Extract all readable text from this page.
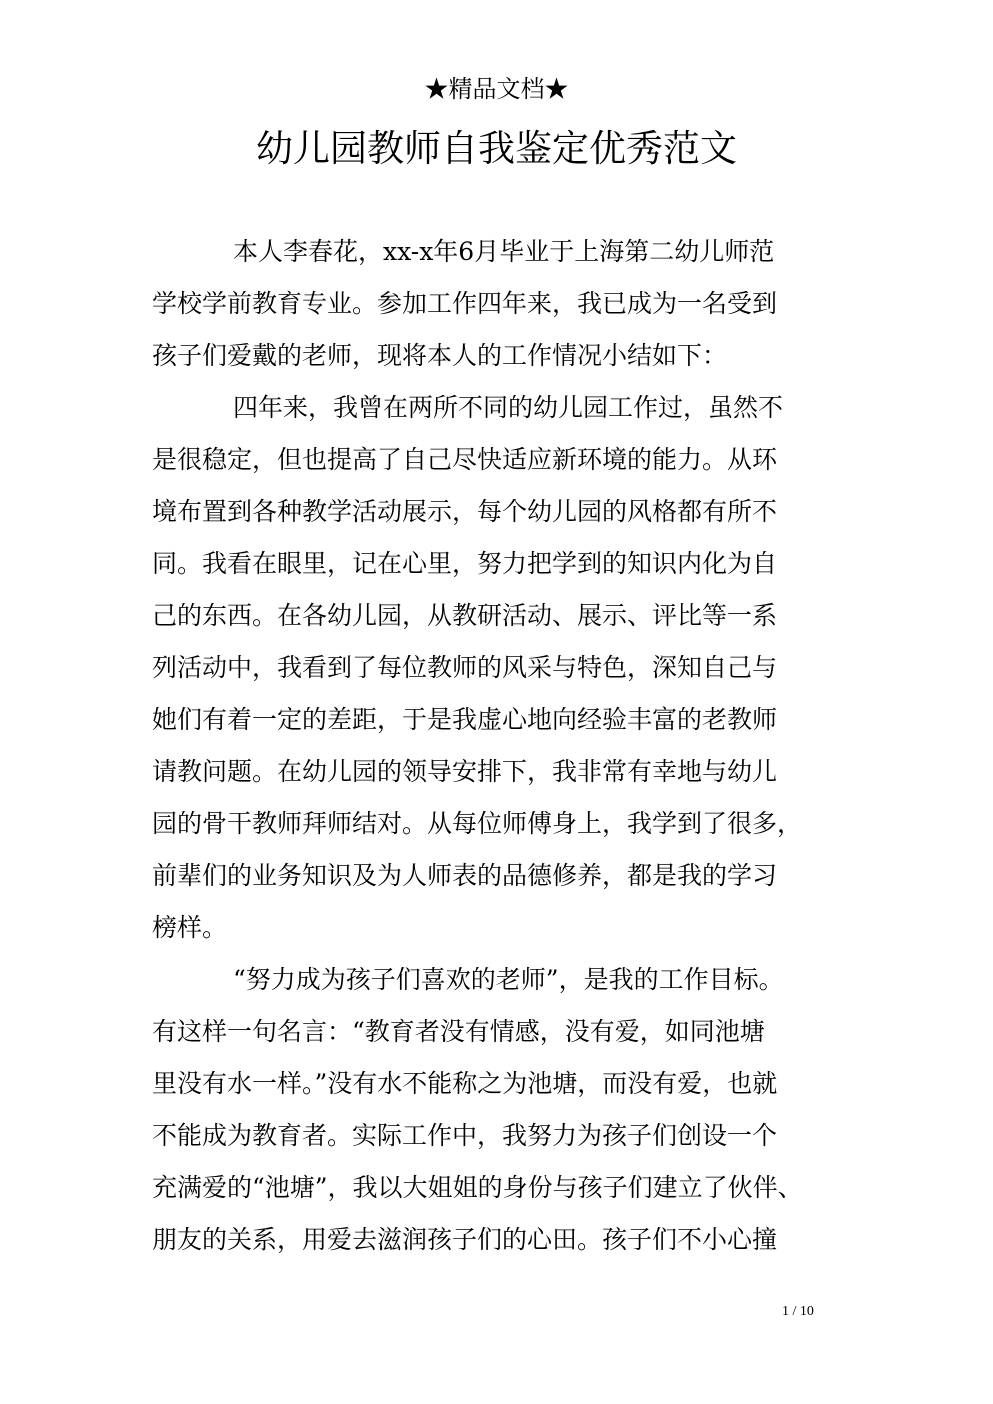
★精品文档★
幼儿园教师自我鉴定优秀范文
本人李春花，xx-x年6月毕业于上海第二幼儿师范
学校学前教育专业。参加工作四年来，我已成为一名受到
孩子们爱戴的老师，现将本人的工作情况小结如下：
四年来，我曾在两所不同的幼儿园工作过，虽然不
是很稳定，但也提高了自己尽快适应新环境的能力。从环
境布置到各种教学活动展示，每个幼儿园的风格都有所不
同。我看在眼里，记在心里，努力把学到的知识内化为自
己的东西。在各幼儿园，从教研活动、展示、评比等一系
列活动中，我看到了每位教师的风采与特色，深知自己与
她们有着一定的差距，于是我虚心地向经验丰富的老教师
请教问题。在幼儿园的领导安排下，我非常有幸地与幼儿
园的骨干教师拜师结对。从每位师傅身上，我学到了很多，
前辈们的业务知识及为人师表的品德修养，都是我的学习
榜样。
“努力成为孩子们喜欢的老师”，是我的工作目标。
有这样一句名言：“教育者没有情感，没有爱，如同池塘
里没有水一样。”没有水不能称之为池塘，而没有爱，也就
不能成为教育者。实际工作中，我努力为孩子们创设一个
充满爱的“池塘”，我以大姐姐的身份与孩子们建立了伙伴、
朋友的关系，用爱去滋润孩子们的心田。孩子们不小心撞
1 / 10
